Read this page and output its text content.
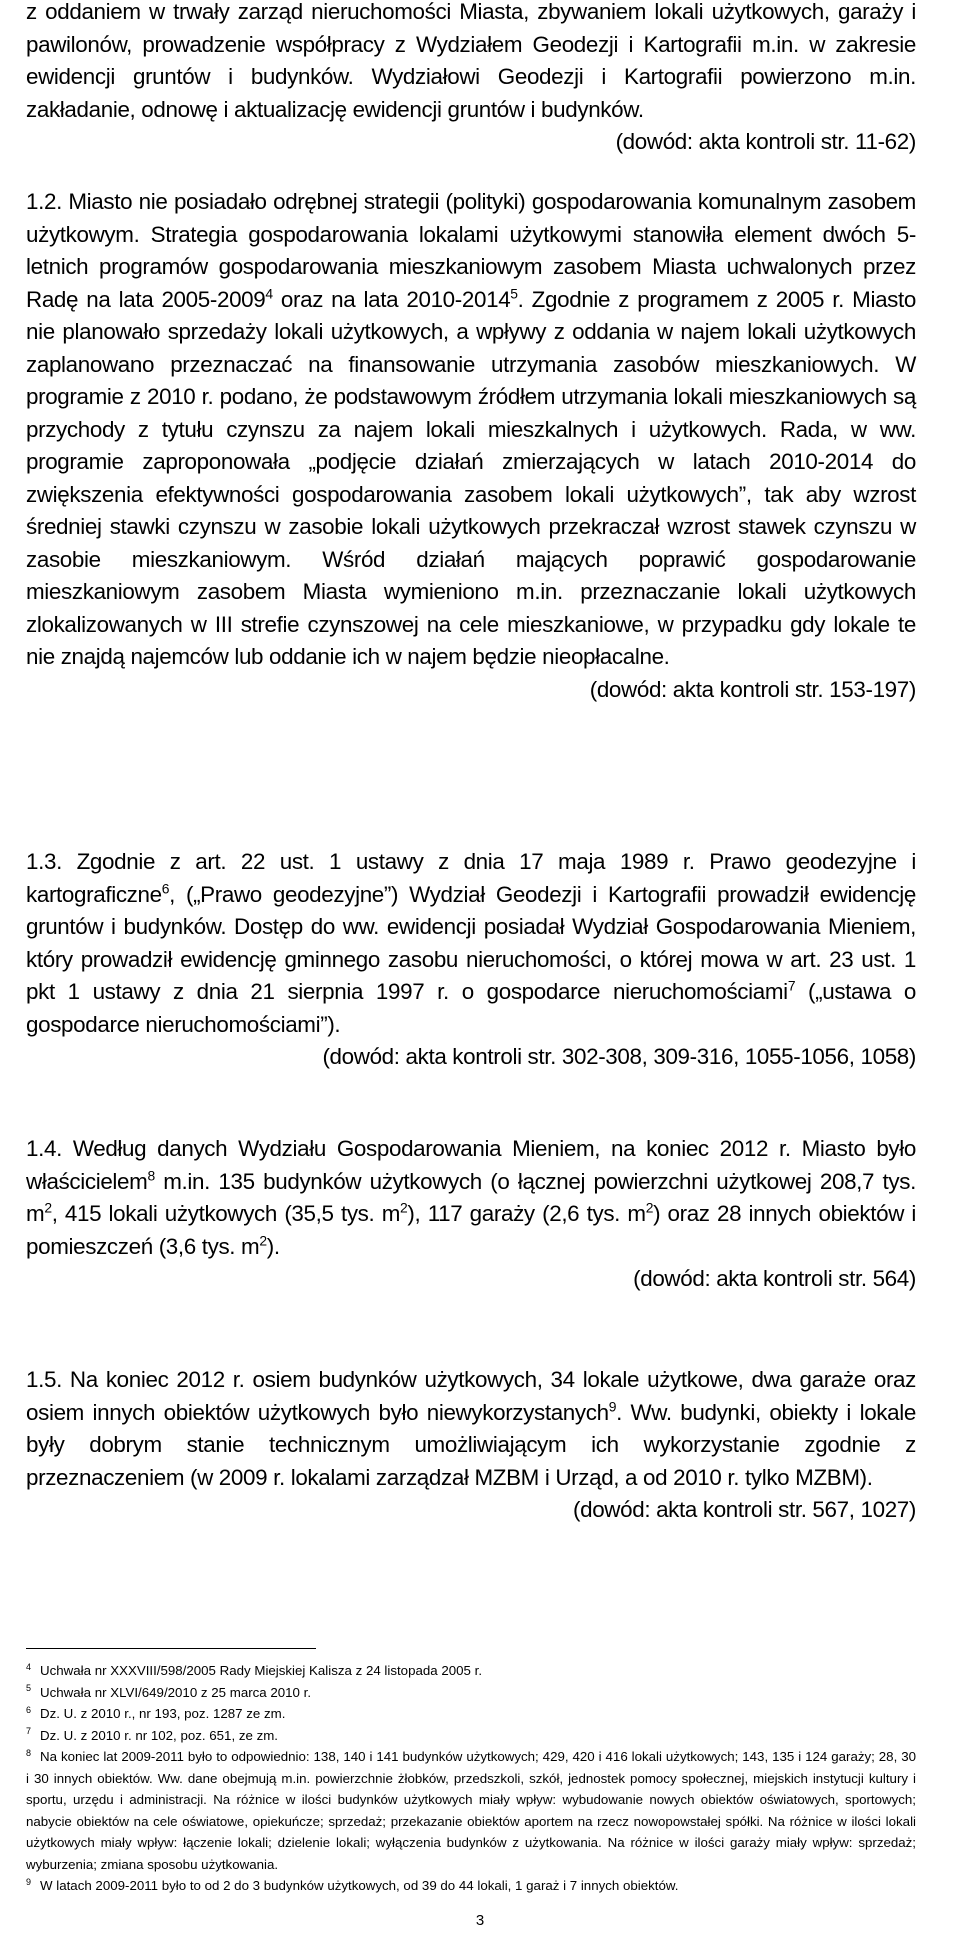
z oddaniem w trwały zarząd nieruchomości Miasta, zbywaniem lokali użytkowych, garaży i pawilonów, prowadzenie współpracy z Wydziałem Geodezji i Kartografii m.in. w zakresie ewidencji gruntów i budynków. Wydziałowi Geodezji i Kartografii powierzono m.in. zakładanie, odnowę i aktualizację ewidencji gruntów i budynków.
(dowód: akta kontroli str. 11-62)

1.2. Miasto nie posiadało odrębnej strategii (polityki) gospodarowania komunalnym zasobem użytkowym. Strategia gospodarowania lokalami użytkowymi stanowiła element dwóch 5-letnich programów gospodarowania mieszkaniowym zasobem Miasta uchwalonych przez Radę na lata 2005-2009$^4$ oraz na lata 2010-2014$^5$. Zgodnie z programem z 2005 r. Miasto nie planowało sprzedaży lokali użytkowych, a wpływy z oddania w najem lokali użytkowych zaplanowano przeznaczać na finansowanie utrzymania zasobów mieszkaniowych. W programie z 2010 r. podano, że podstawowym źródłem utrzymania lokali mieszkaniowych są przychody z tytułu czynszu za najem lokali mieszkalnych i użytkowych. Rada, w ww. programie zaproponowała „podjęcie działań zmierzających w latach 2010-2014 do zwiększenia efektywności gospodarowania zasobem lokali użytkowych”, tak aby wzrost średniej stawki czynszu w zasobie lokali użytkowych przekraczał wzrost stawek czynszu w zasobie mieszkaniowym. Wśród działań mających poprawić gospodarowanie mieszkaniowym zasobem Miasta wymieniono m.in. przeznaczanie lokali użytkowych zlokalizowanych w III strefie czynszowej na cele mieszkaniowe, w przypadku gdy lokale te nie znajdą najemców lub oddanie ich w najem będzie nieopłacalne.
(dowód: akta kontroli str. 153-197)

1.3. Zgodnie z art. 22 ust. 1 ustawy z dnia 17 maja 1989 r. Prawo geodezyjne i kartograficzne$^6$, („Prawo geodezyjne”) Wydział Geodezji i Kartografii prowadził ewidencję gruntów i budynków. Dostęp do ww. ewidencji posiadał Wydział Gospodarowania Mieniem, który prowadził ewidencję gminnego zasobu nieruchomości, o której mowa w art. 23 ust. 1 pkt 1 ustawy z dnia 21 sierpnia 1997 r. o gospodarce nieruchomościami$^7$ („ustawa o gospodarce nieruchomościami”).
(dowód: akta kontroli str. 302-308, 309-316, 1055-1056, 1058)

1.4. Według danych Wydziału Gospodarowania Mieniem, na koniec 2012 r. Miasto było właścicielem$^8$ m.in. 135 budynków użytkowych (o łącznej powierzchni użytkowej 208,7 tys. $m^2$, 415 lokali użytkowych (35,5 tys. $m^2$), 117 garaży (2,6 tys. $m^2$) oraz 28 innych obiektów i pomieszczeń (3,6 tys. $m^2$).
(dowód: akta kontroli str. 564)

1.5. Na koniec 2012 r. osiem budynków użytkowych, 34 lokale użytkowe, dwa garaże oraz osiem innych obiektów użytkowych było niewykorzystanych$^9$. Ww. budynki, obiekty i lokale były dobrym stanie technicznym umożliwiającym ich wykorzystanie zgodnie z przeznaczeniem (w 2009 r. lokalami zarządzał MZBM i Urząd, a od 2010 r. tylko MZBM).
(dowód: akta kontroli str. 567, 1027)

$^4$ Uchwała nr XXXVIII/598/2005 Rady Miejskiej Kalisza z 24 listopada 2005 r.

$^5$ Uchwała nr XLVI/649/2010 z 25 marca 2010 r.

$^6$ Dz. U. z 2010 r., nr 193, poz. 1287 ze zm.

$^7$ Dz. U. z 2010 r. nr 102, poz. 651, ze zm.

$^8$ Na koniec lat 2009-2011 było to odpowiednio: 138, 140 i 141 budynków użytkowych; 429, 420 i 416 lokali użytkowych; 143, 135 i 124 garaży; 28, 30 i 30 innych obiektów. Ww. dane obejmują m.in. powierzchnie żłobków, przedszkoli, szkół, jednostek pomocy społecznej, miejskich instytucji kultury i sportu, urzędu i administracji. Na różnice w ilości budynków użytkowych miały wpływ: wybudowanie nowych obiektów oświatowych, sportowych; nabycie obiektów na cele oświatowe, opiekuńcze; sprzedaż; przekazanie obiektów aportem na rzecz nowopowstałej spółki. Na różnice w ilości lokali użytkowych miały wpływ: łączenie lokali; dzielenie lokali; wyłączenia budynków z użytkowania. Na różnice w ilości garaży miały wpływ: sprzedaż; wyburzenia; zmiana sposobu użytkowania.

$^9$ W latach 2009-2011 było to od 2 do 3 budynków użytkowych, od 39 do 44 lokali, 1 garaż i 7 innych obiektów.

3
